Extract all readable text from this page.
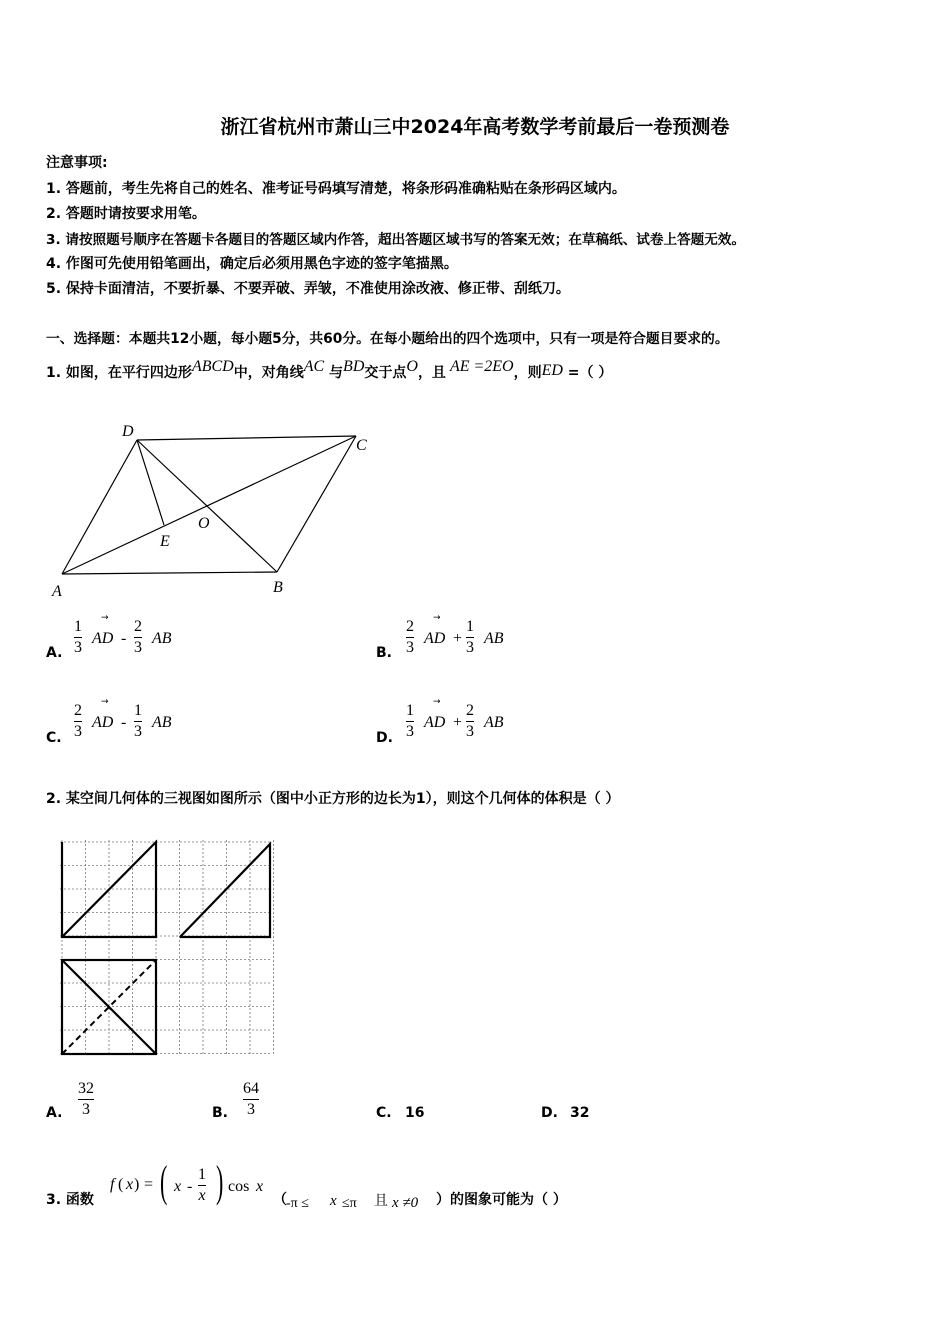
浙江省杭州市萧山三中2024年高考数学考前最后一卷预测卷
注意事项:
1. 答题前，考生先将自己的姓名、准考证号码填写清楚，将条形码准确粘贴在条形码区域内。
2. 答题时请按要求用笔。
3. 请按照题号顺序在答题卡各题目的答题区域内作答，超出答题区域书写的答案无效；在草稿纸、试卷上答题无效。
4. 作图可先使用铅笔画出，确定后必须用黑色字迹的签字笔描黑。
5. 保持卡面清洁，不要折暴、不要弄破、弄皱，不准使用涂改液、修正带、刮纸刀。
一、选择题：本题共12小题，每小题5分，共60分。在每小题给出的四个选项中，只有一项是符合题目要求的。
1. 如图，在平行四边形ABCD中，对角线AC 与BD交于点O，且 AE =2EO，则ED =（ ）
D
C
A	B
E
O
A.
1
3
→
AD -
2
3
AB
B.
2
3
→
AD +
1
3
AB
C.
2
3
→
AD -
1
3
AB
D.
1
3
→
AD +
2
3
AB
2. 某空间几何体的三视图如图所示（图中小正方形的边长为1），则这个几何体的体积是（ ）
A.
32
3	B.
64
3	C. 16	D. 32
3. 函数
f ( x ) = ( x -
1
x ) cos x
（ -π ≤ x ≤π 且 x ≠0 ）的图象可能为（ ）
